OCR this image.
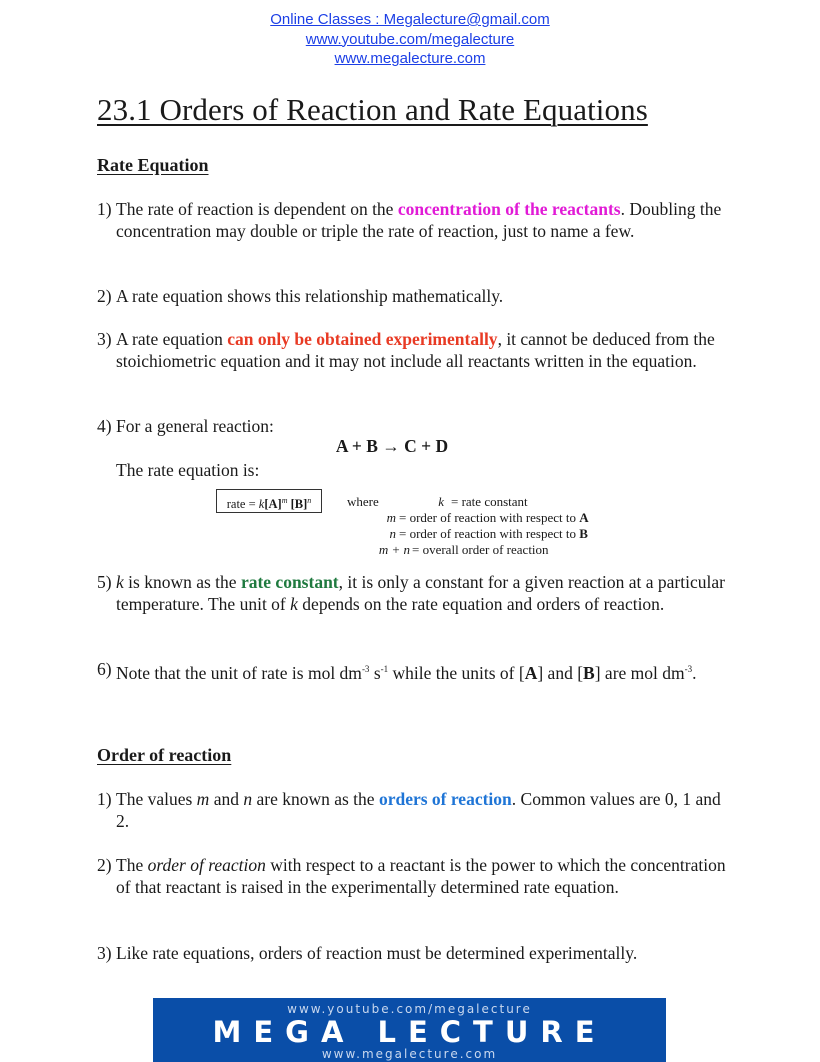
Online Classes : Megalecture@gmail.com
www.youtube.com/megalecture
www.megalecture.com
23.1 Orders of Reaction and Rate Equations
Rate Equation
1) The rate of reaction is dependent on the concentration of the reactants. Doubling the concentration may double or triple the rate of reaction, just to name a few.
2) A rate equation shows this relationship mathematically.
3) A rate equation can only be obtained experimentally, it cannot be deduced from the stoichiometric equation and it may not include all reactants written in the equation.
4) For a general reaction:
A + B → C + D
The rate equation is:
rate = $k[A]^m$ $[B]^n$	where	k = rate constant
m = order of reaction with respect to A
n = order of reaction with respect to B
m + n = overall order of reaction
5) k is known as the rate constant, it is only a constant for a given reaction at a particular temperature. The unit of k depends on the rate equation and orders of reaction.
6) Note that the unit of rate is mol $dm^{-3}$ $s^{-1}$ while the units of [A] and [B] are mol $dm^{-3}$.
Order of reaction
1) The values m and n are known as the orders of reaction. Common values are 0, 1 and 2.
2) The order of reaction with respect to a reactant is the power to which the concentration of that reactant is raised in the experimentally determined rate equation.
3) Like rate equations, orders of reaction must be determined experimentally.
www.youtube.com/megalecture
MEGA LECTURE
www.megalecture.com
